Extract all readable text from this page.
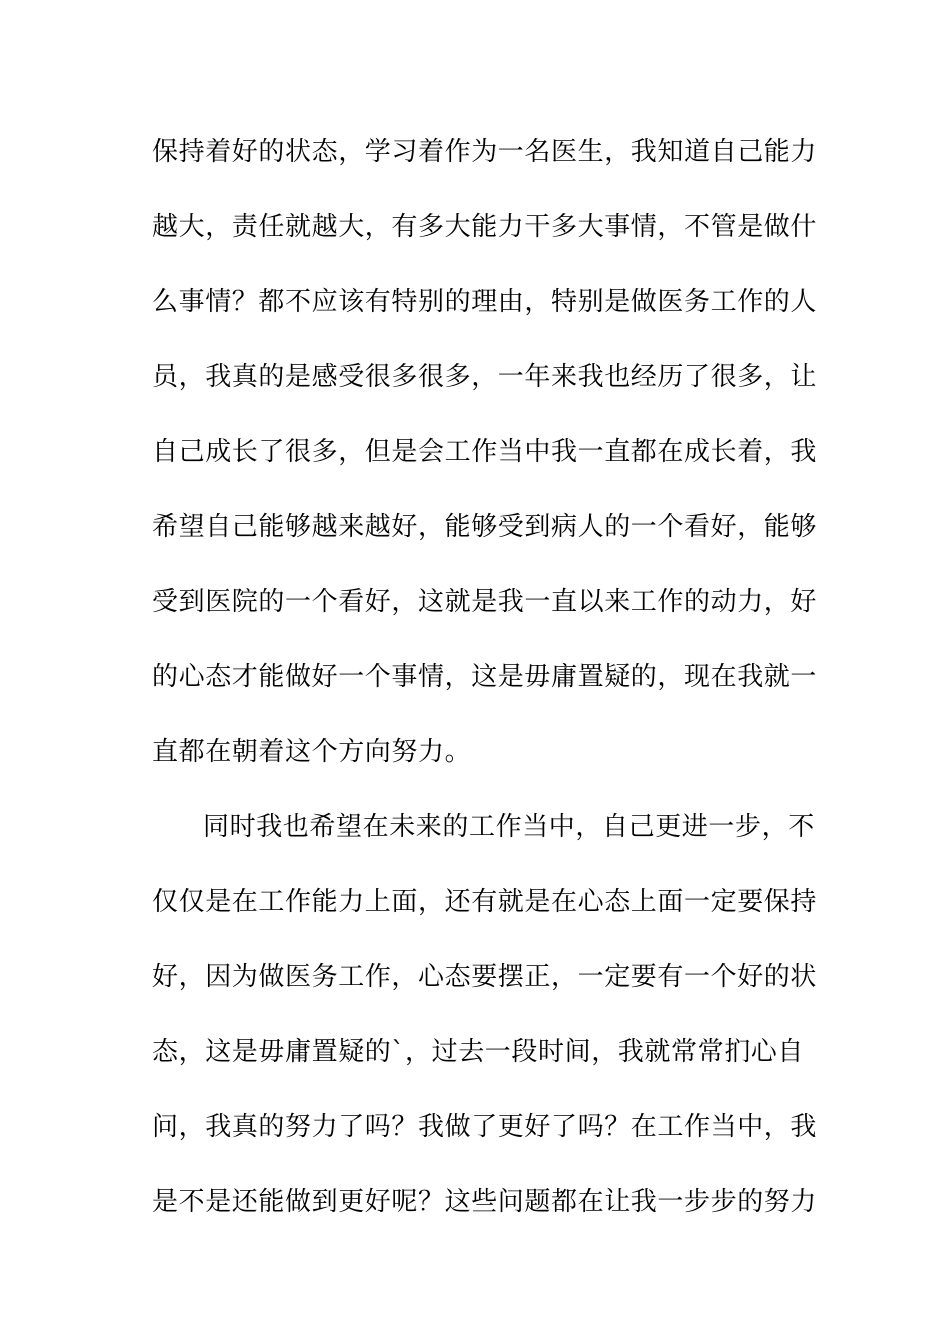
保持着好的状态，学习着作为一名医生，我知道自己能力
越大，责任就越大，有多大能力干多大事情，不管是做什
么事情？都不应该有特别的理由，特别是做医务工作的人
员，我真的是感受很多很多，一年来我也经历了很多，让
自己成长了很多，但是会工作当中我一直都在成长着，我
希望自己能够越来越好，能够受到病人的一个看好，能够
受到医院的一个看好，这就是我一直以来工作的动力，好
的心态才能做好一个事情，这是毋庸置疑的，现在我就一
直都在朝着这个方向努力。
同时我也希望在未来的工作当中，自己更进一步，不
仅仅是在工作能力上面，还有就是在心态上面一定要保持
好，因为做医务工作，心态要摆正，一定要有一个好的状
态，这是毋庸置疑的`，过去一段时间，我就常常扪心自
问，我真的努力了吗？我做了更好了吗？在工作当中，我
是不是还能做到更好呢？这些问题都在让我一步步的努力
